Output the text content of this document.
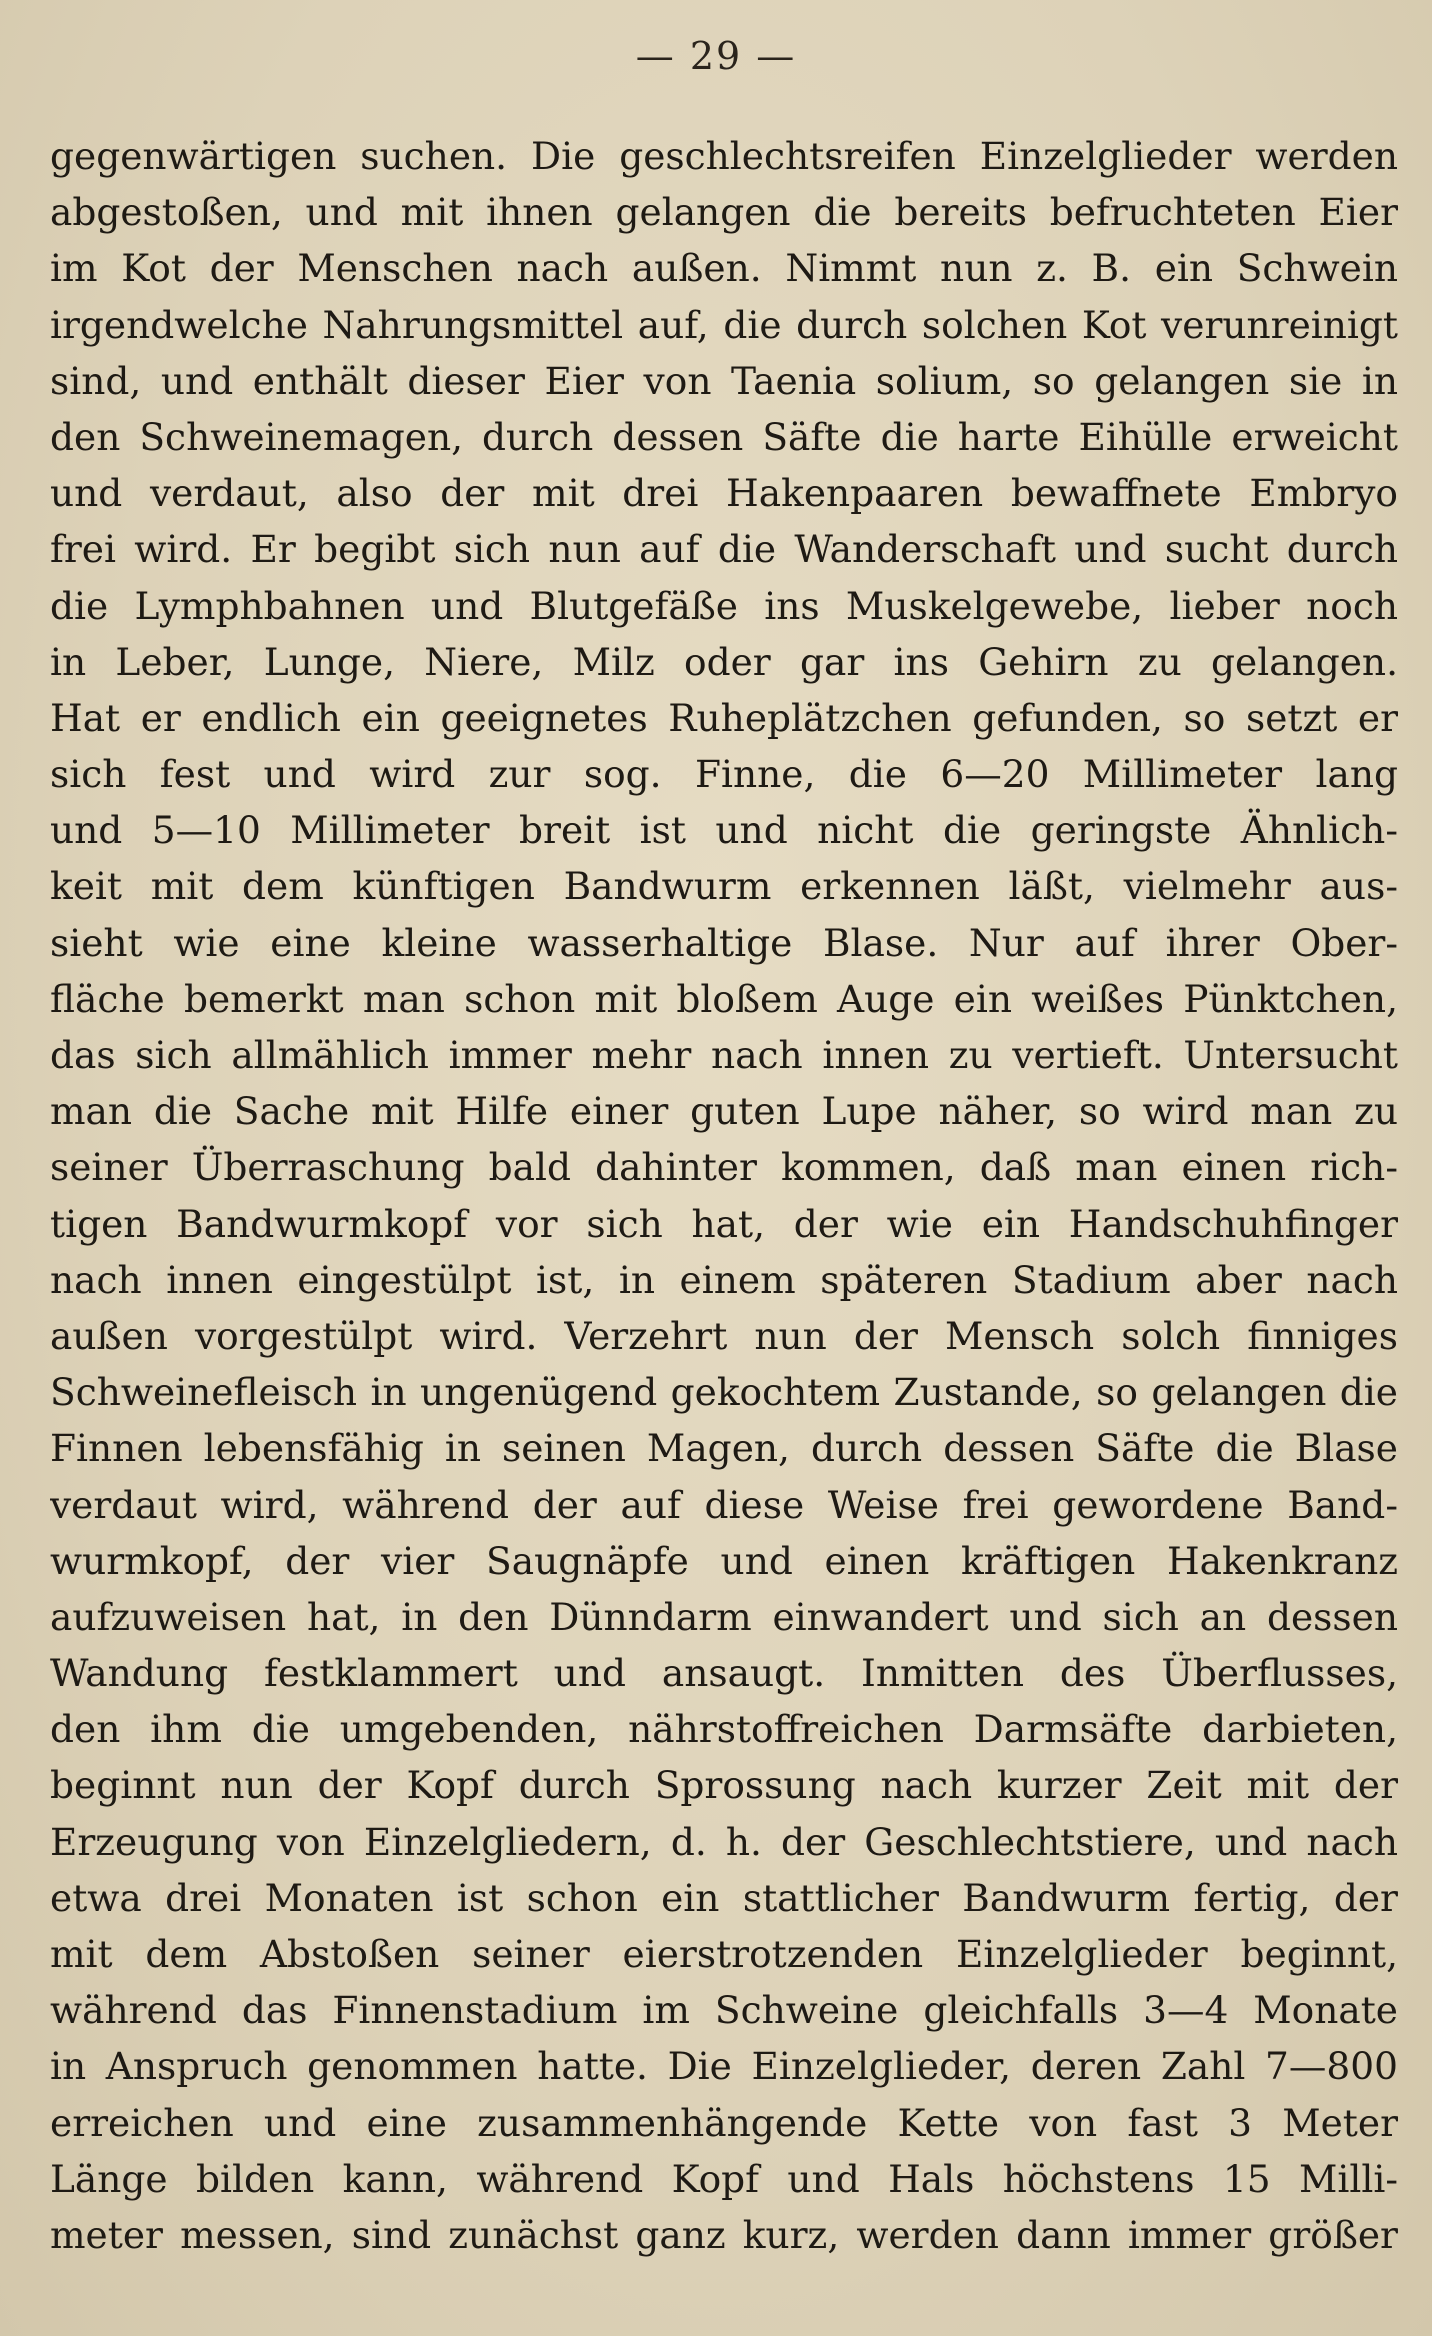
— 29 —
gegenwärtigen suchen. Die geschlechtsreifen Einzelglieder werden
abgestoßen, und mit ihnen gelangen die bereits befruchteten Eier
im Kot der Menschen nach außen. Nimmt nun z. B. ein Schwein
irgendwelche Nahrungsmittel auf, die durch solchen Kot verunreinigt
sind, und enthält dieser Eier von Taenia solium, so gelangen sie in
den Schweinemagen, durch dessen Säfte die harte Eihülle erweicht
und verdaut, also der mit drei Hakenpaaren bewaffnete Embryo
frei wird. Er begibt sich nun auf die Wanderschaft und sucht durch
die Lymphbahnen und Blutgefäße ins Muskelgewebe, lieber noch
in Leber, Lunge, Niere, Milz oder gar ins Gehirn zu gelangen.
Hat er endlich ein geeignetes Ruheplätzchen gefunden, so setzt er
sich fest und wird zur sog. Finne, die 6—20 Millimeter lang
und 5—10 Millimeter breit ist und nicht die geringste Ähnlich-
keit mit dem künftigen Bandwurm erkennen läßt, vielmehr aus-
sieht wie eine kleine wasserhaltige Blase. Nur auf ihrer Ober-
fläche bemerkt man schon mit bloßem Auge ein weißes Pünktchen,
das sich allmählich immer mehr nach innen zu vertieft. Untersucht
man die Sache mit Hilfe einer guten Lupe näher, so wird man zu
seiner Überraschung bald dahinter kommen, daß man einen rich-
tigen Bandwurmkopf vor sich hat, der wie ein Handschuhfinger
nach innen eingestülpt ist, in einem späteren Stadium aber nach
außen vorgestülpt wird. Verzehrt nun der Mensch solch finniges
Schweinefleisch in ungenügend gekochtem Zustande, so gelangen die
Finnen lebensfähig in seinen Magen, durch dessen Säfte die Blase
verdaut wird, während der auf diese Weise frei gewordene Band-
wurmkopf, der vier Saugnäpfe und einen kräftigen Hakenkranz
aufzuweisen hat, in den Dünndarm einwandert und sich an dessen
Wandung festklammert und ansaugt. Inmitten des Überflusses,
den ihm die umgebenden, nährstoffreichen Darmsäfte darbieten,
beginnt nun der Kopf durch Sprossung nach kurzer Zeit mit der
Erzeugung von Einzelgliedern, d. h. der Geschlechtstiere, und nach
etwa drei Monaten ist schon ein stattlicher Bandwurm fertig, der
mit dem Abstoßen seiner eierstrotzenden Einzelglieder beginnt,
während das Finnenstadium im Schweine gleichfalls 3—4 Monate
in Anspruch genommen hatte. Die Einzelglieder, deren Zahl 7—800
erreichen und eine zusammenhängende Kette von fast 3 Meter
Länge bilden kann, während Kopf und Hals höchstens 15 Milli-
meter messen, sind zunächst ganz kurz, werden dann immer größer
